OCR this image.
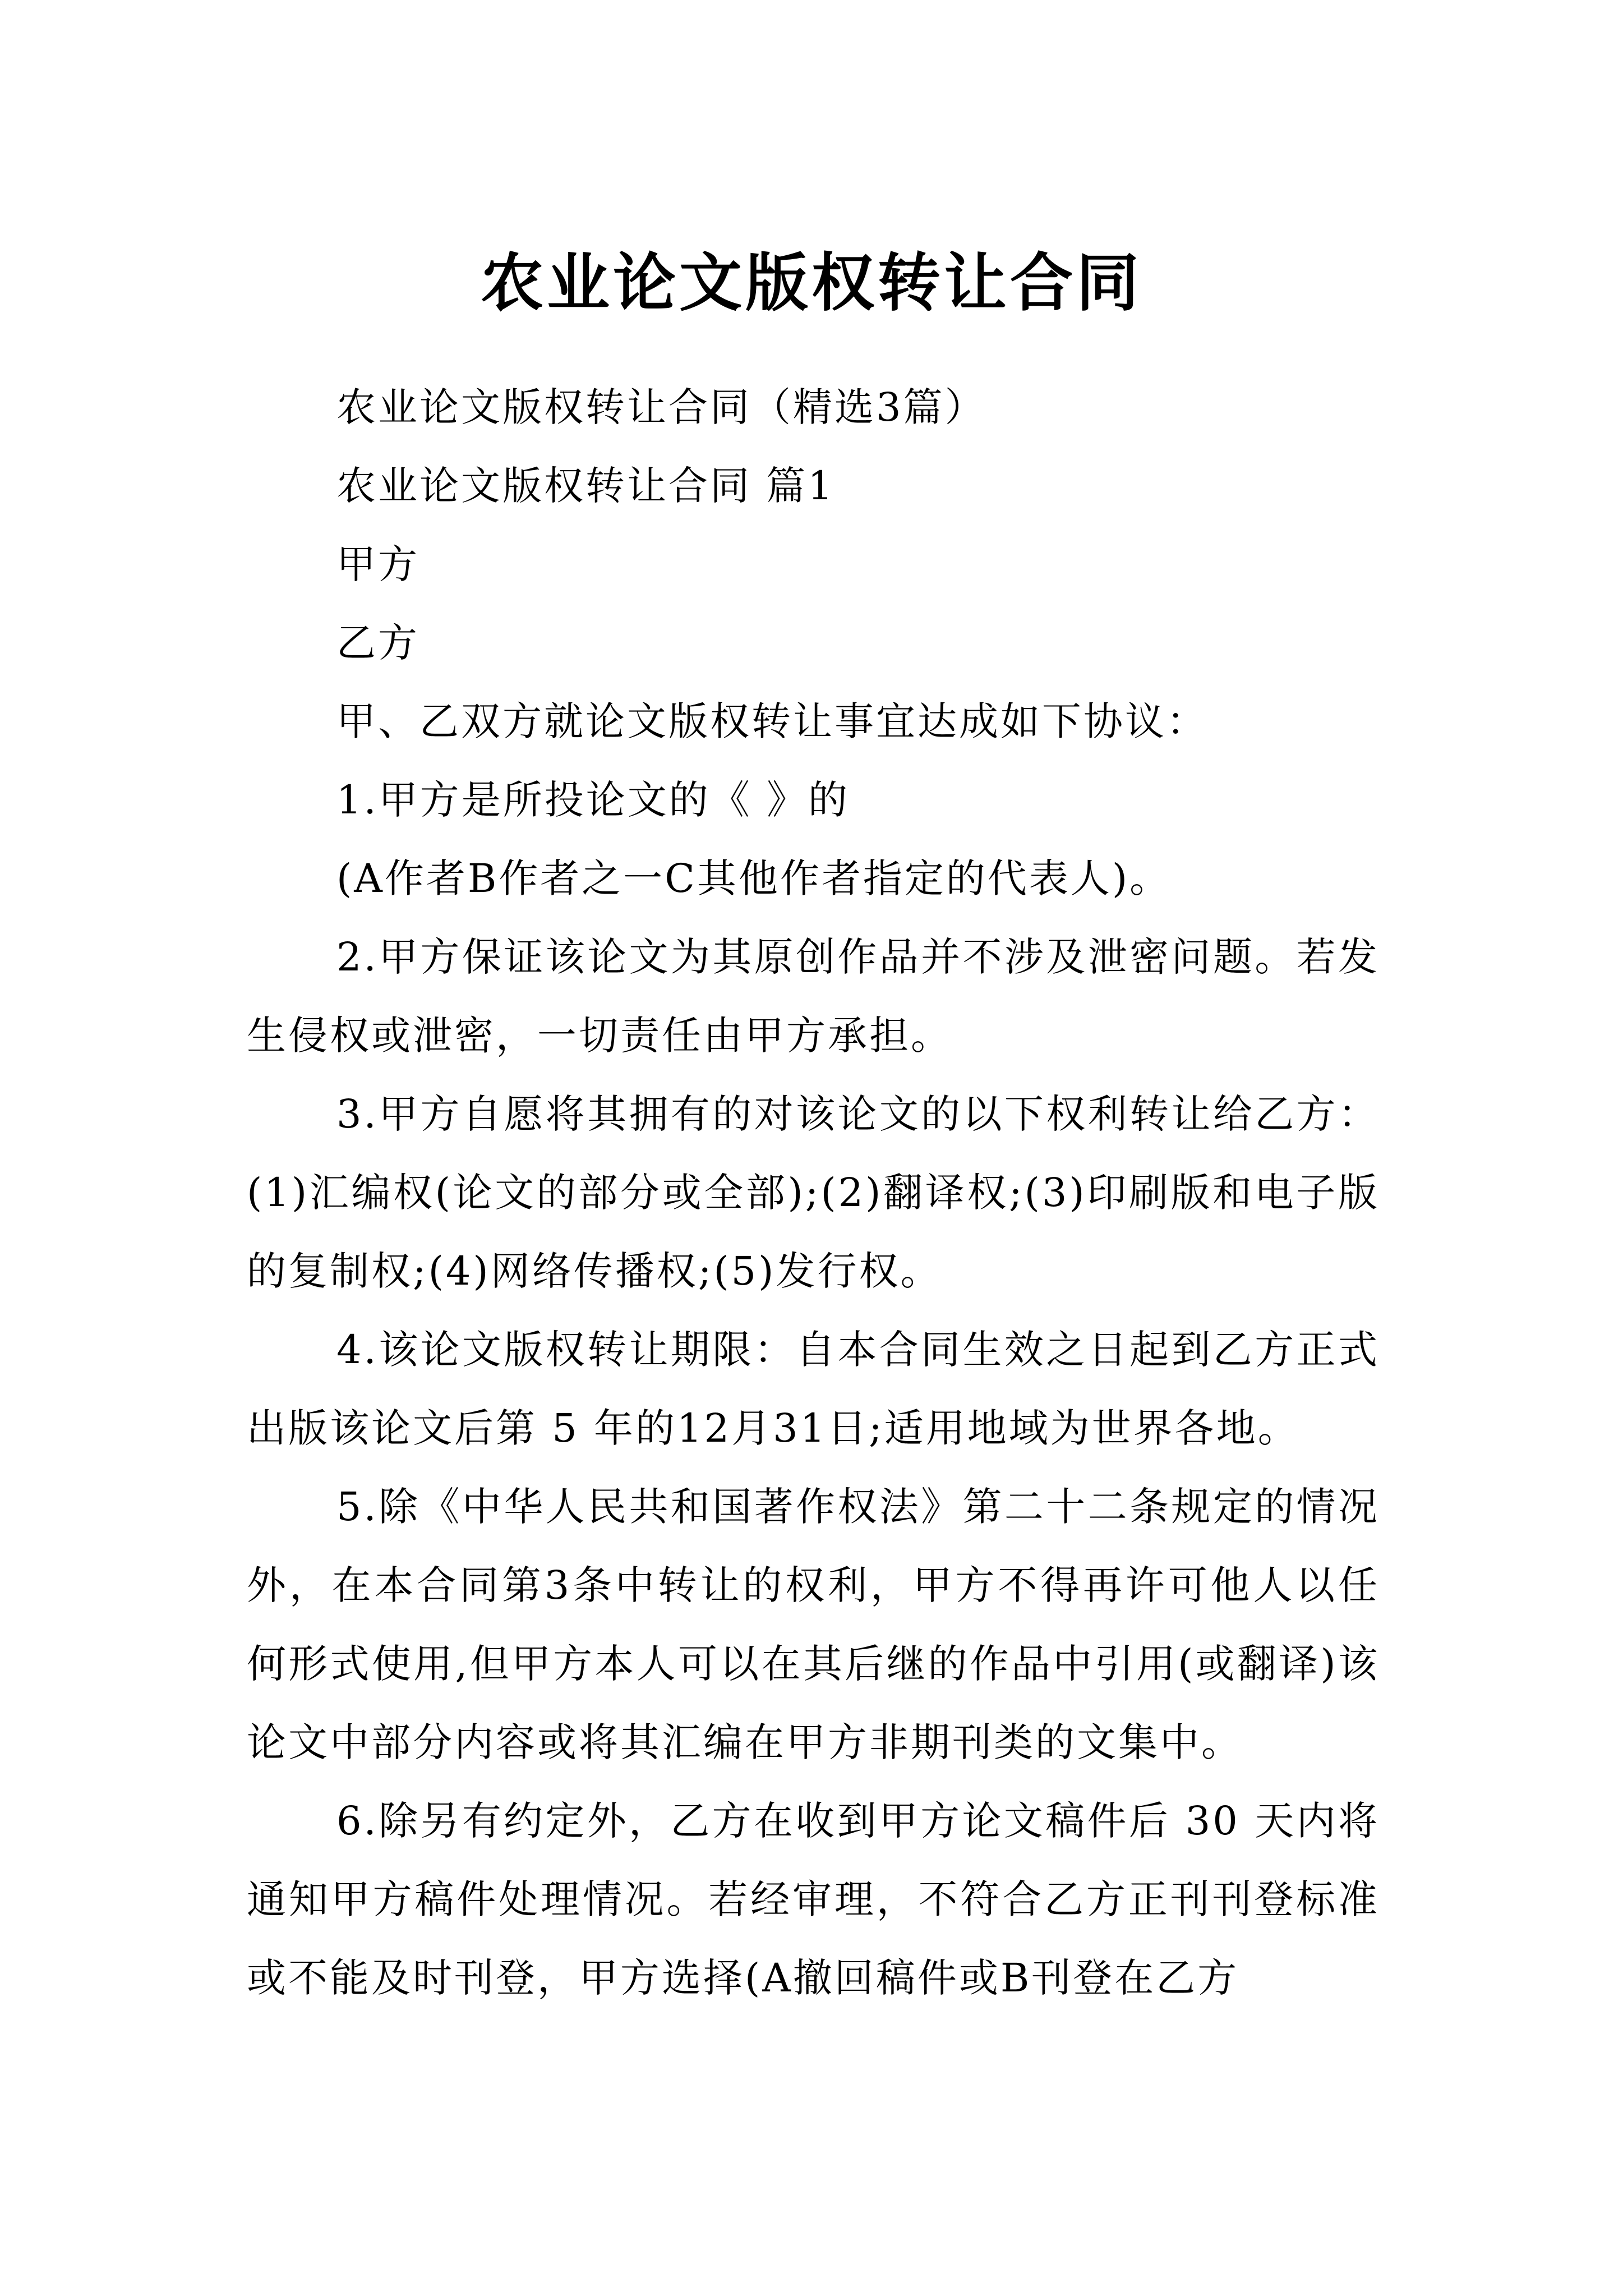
农业论文版权转让合同

农业论文版权转让合同（精选3篇）

农业论文版权转让合同 篇1

甲方

乙方

甲、乙双方就论文版权转让事宜达成如下协议：

1.甲方是所投论文的《 》的

(A作者B作者之一C其他作者指定的代表人)。

2.甲方保证该论文为其原创作品并不涉及泄密问题。若发生侵权或泄密，一切责任由甲方承担。

3.甲方自愿将其拥有的对该论文的以下权利转让给乙方：(1)汇编权(论文的部分或全部);(2)翻译权;(3)印刷版和电子版的复制权;(4)网络传播权;(5)发行权。

4.该论文版权转让期限：自本合同生效之日起到乙方正式出版该论文后第 5 年的12月31日;适用地域为世界各地。

5.除《中华人民共和国著作权法》第二十二条规定的情况外，在本合同第3条中转让的权利，甲方不得再许可他人以任何形式使用,但甲方本人可以在其后继的作品中引用(或翻译)该论文中部分内容或将其汇编在甲方非期刊类的文集中。

6.除另有约定外，乙方在收到甲方论文稿件后 30 天内将通知甲方稿件处理情况。若经审理，不符合乙方正刊刊登标准或不能及时刊登，甲方选择(A撤回稿件或B刊登在乙方
